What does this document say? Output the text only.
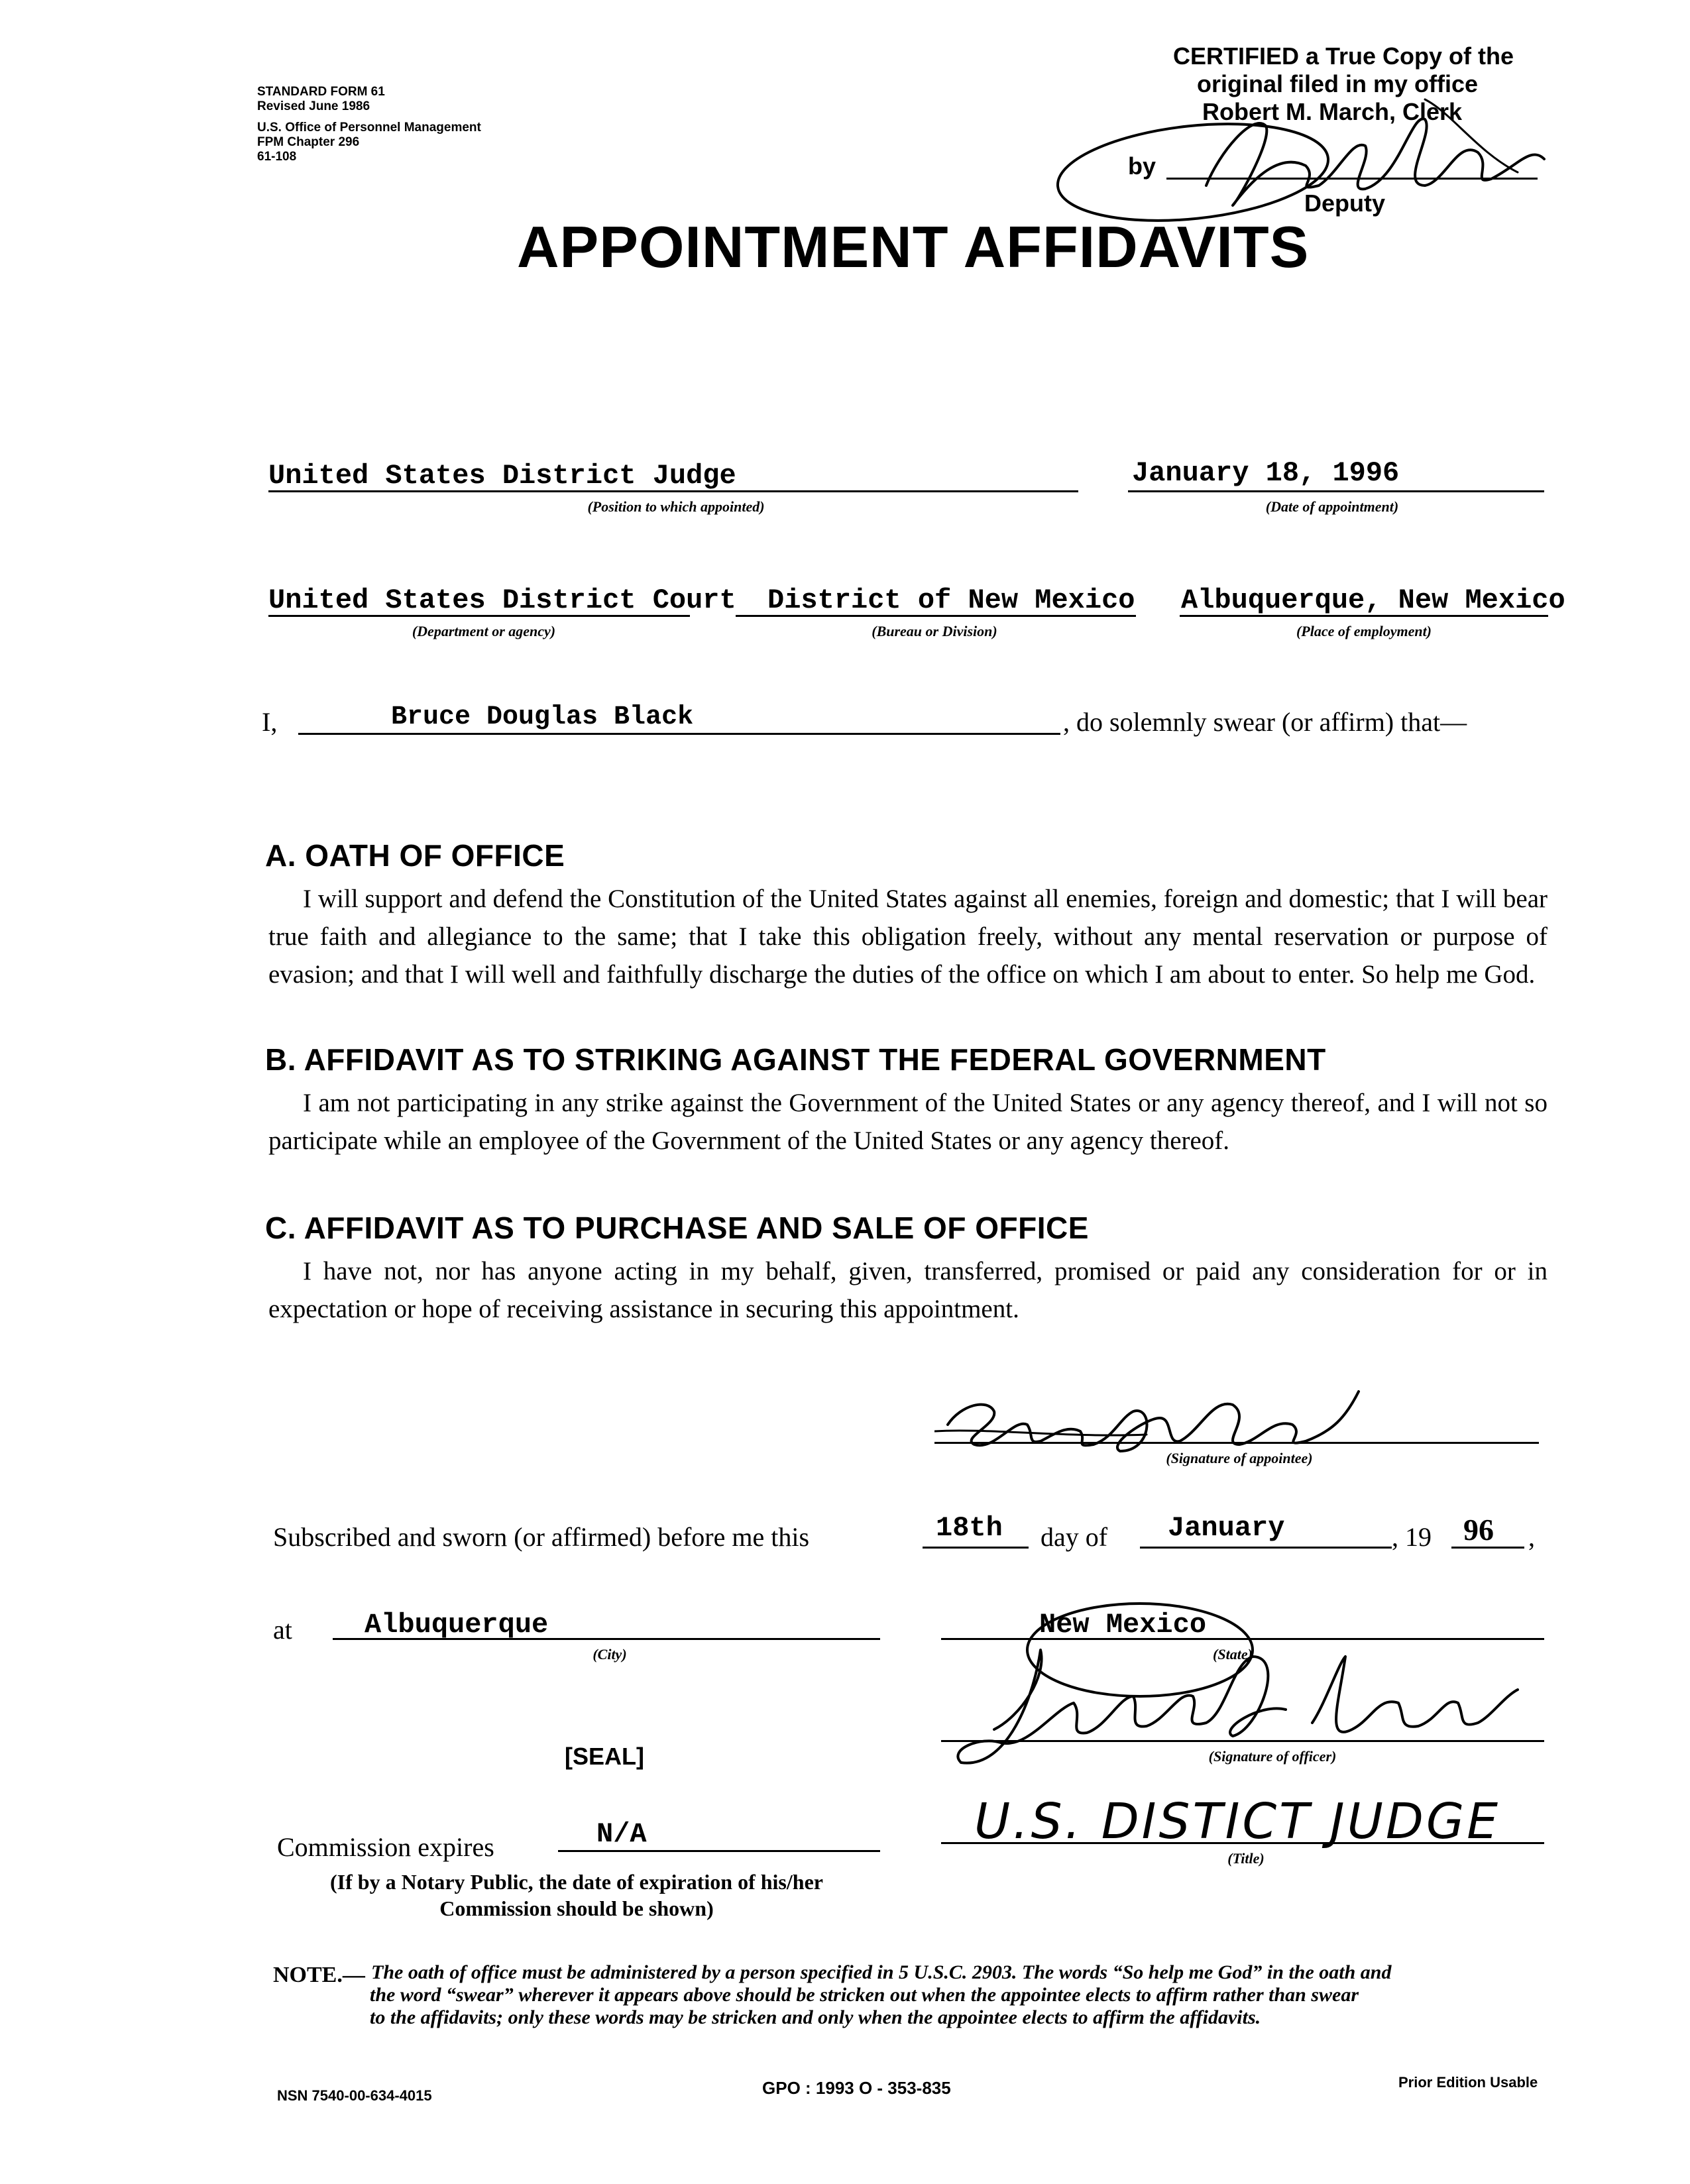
STANDARD FORM 61
Revised June 1986
U.S. Office of Personnel Management
FPM Chapter 296
61-108
CERTIFIED a True Copy of the
original filed in my office
Robert M. March, Clerk
by
Deputy
APPOINTMENT AFFIDAVITS
United States District Judge
(Position to which appointed)
January 18, 1996
(Date of appointment)
United States District Court
(Department or agency)
District of New Mexico
(Bureau or Division)
Albuquerque, New Mexico
(Place of employment)
I,	Bruce Douglas Black	, do solemnly swear (or affirm) that—
A. OATH OF OFFICE
I will support and defend the Constitution of the United States against all enemies, foreign and domestic; that I will bear true faith and allegiance to the same; that I take this obligation freely, without any mental reservation or purpose of evasion; and that I will well and faithfully discharge the duties of the office on which I am about to enter. So help me God.
B. AFFIDAVIT AS TO STRIKING AGAINST THE FEDERAL GOVERNMENT
I am not participating in any strike against the Government of the United States or any agency thereof, and I will not so participate while an employee of the Government of the United States or any agency thereof.
C. AFFIDAVIT AS TO PURCHASE AND SALE OF OFFICE
I have not, nor has anyone acting in my behalf, given, transferred, promised or paid any consideration for or in expectation or hope of receiving assistance in securing this appointment.
(Signature of appointee)
Subscribed and sworn (or affirmed) before me this	18th day of January	, 19 96 ,
at	Albuquerque
(City)
New Mexico
(State)
[SEAL]	(Signature of officer)
Commission expires	N/A
(If by a Notary Public, the date of expiration of his/her
Commission should be shown)
U.S. DISTICT JUDGE
(Title)
NOTE.— The oath of office must be administered by a person specified in 5 U.S.C. 2903. The words “So help me God” in the oath and
the word “swear” wherever it appears above should be stricken out when the appointee elects to affirm rather than swear
to the affidavits; only these words may be stricken and only when the appointee elects to affirm the affidavits.
NSN 7540-00-634-4015	GPO : 1993 O - 353-835	Prior Edition Usable
